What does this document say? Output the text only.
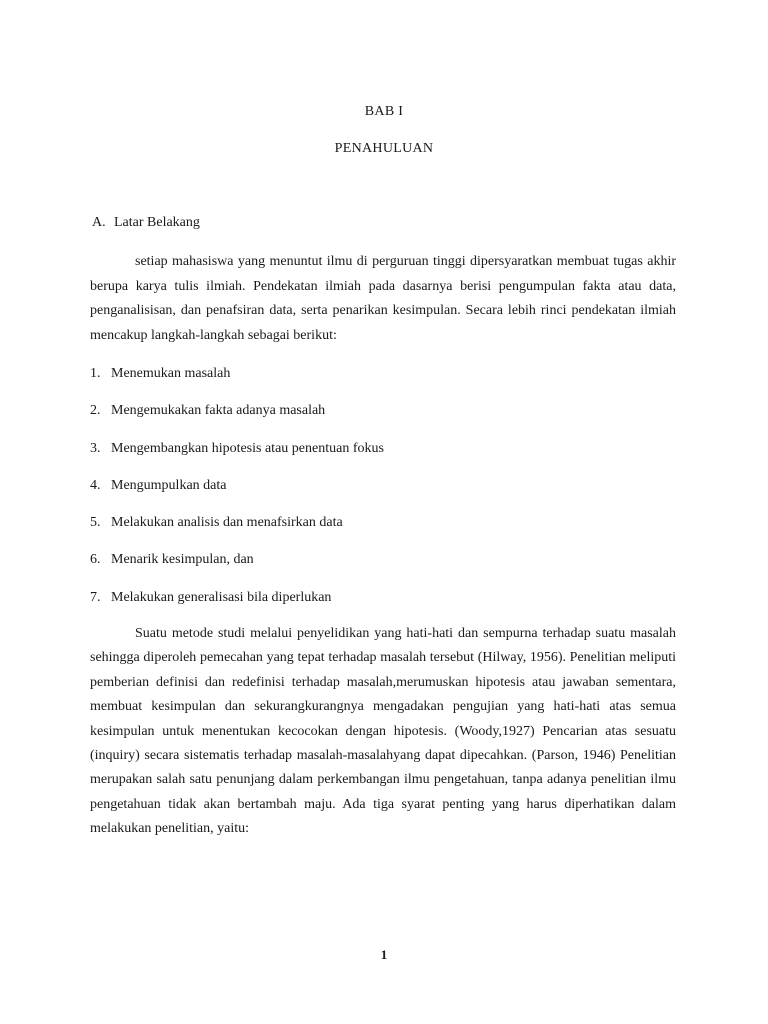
BAB I
PENAHULUAN
A. Latar Belakang

setiap mahasiswa yang menuntut ilmu di perguruan tinggi dipersyaratkan membuat tugas akhir berupa karya tulis ilmiah. Pendekatan ilmiah pada dasarnya berisi pengumpulan fakta atau data, penganalisisan, dan penafsiran data, serta penarikan kesimpulan. Secara lebih rinci pendekatan ilmiah mencakup langkah-langkah sebagai berikut:

1. Menemukan masalah
2. Mengemukakan fakta adanya masalah
3. Mengembangkan hipotesis atau penentuan fokus
4. Mengumpulkan data
5. Melakukan analisis dan menafsirkan data
6. Menarik kesimpulan, dan
7. Melakukan generalisasi bila diperlukan

Suatu metode studi melalui penyelidikan yang hati-hati dan sempurna terhadap suatu masalah sehingga diperoleh pemecahan yang tepat terhadap masalah tersebut (Hilway, 1956). Penelitian meliputi pemberian definisi dan redefinisi terhadap masalah,merumuskan hipotesis atau jawaban sementara, membuat kesimpulan dan sekurangkurangnya mengadakan pengujian yang hati-hati atas semua kesimpulan untuk menentukan kecocokan dengan hipotesis. (Woody,1927) Pencarian atas sesuatu (inquiry) secara sistematis terhadap masalah-masalahyang dapat dipecahkan. (Parson, 1946) Penelitian merupakan salah satu penunjang dalam perkembangan ilmu pengetahuan, tanpa adanya penelitian ilmu pengetahuan tidak akan bertambah maju. Ada tiga syarat penting yang harus diperhatikan dalam melakukan penelitian, yaitu:

1
